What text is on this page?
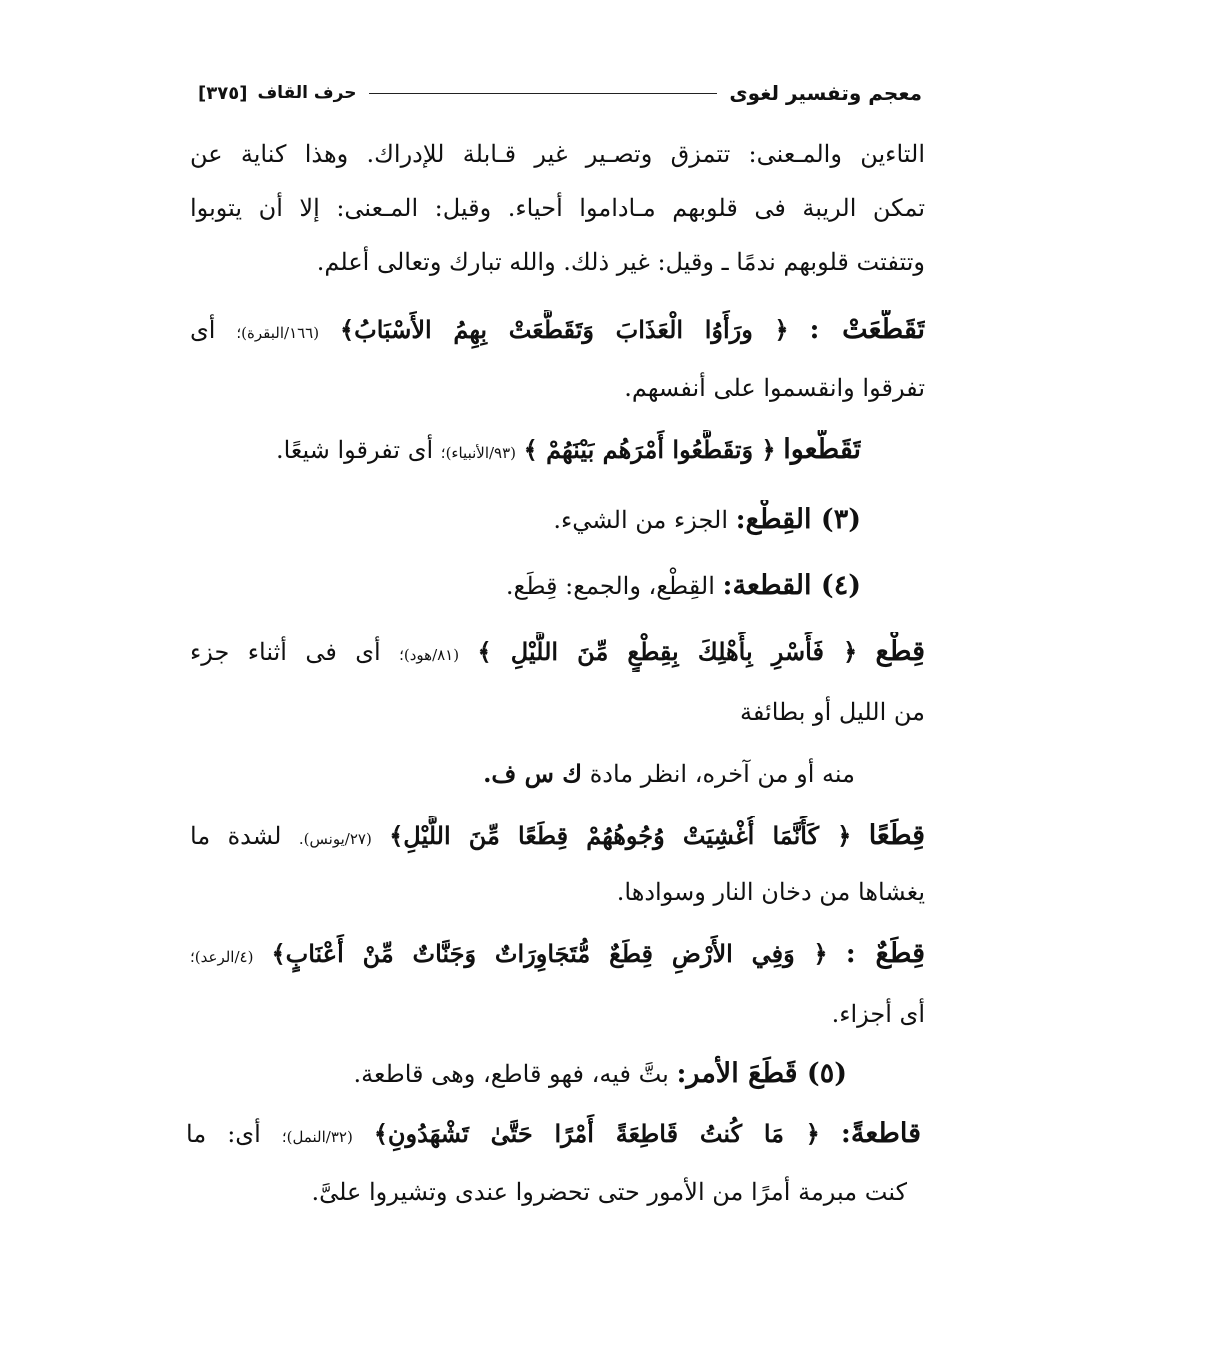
معجم وتفسير لغوى
حرف القاف
[٣٧٥]
التاءين والمـعنى: تتمزق وتصـير غير قـابلة للإدراك. وهذا كناية عن
تمكن الريبة فى قلوبهم مـاداموا أحياء. وقيل: المـعنى: إلا أن يتوبوا
وتتفتت قلوبهم ندمًا ـ وقيل: غير ذلك. والله تبارك وتعالى أعلم.
تَقَطَّعَتْ : ﴿ ورَأَوُا الْعَذَابَ وَتَقَطَّعَتْ بِهِمُ الأَسْبَابُ﴾ (١٦٦/البقرة)؛ أى
تفرقوا وانقسموا على أنفسهم.
تَقَطَّعوا ﴿ وَتقَطَّعُوا أَمْرَهُم بَيْنَهُمْ ﴾ (٩٣/الأنبياء)؛ أى تفرقوا شيعًا.
(٣) القِطْع: الجزء من الشيء.
(٤) القطعة: القِطْع، والجمع: قِطَع.
قِطْع ﴿ فَأَسْرِ بِأَهْلِكَ بِقِطْعٍ مِّنَ اللَّيْلِ ﴾ (٨١/هود)؛ أى فى أثناء جزء
من الليل أو بطائفة
منه أو من آخره، انظر مادة ك س ف.
قِطَعًا ﴿ كَأَنَّمَا أُغْشِيَتْ وُجُوهُهُمْ قِطَعًا مِّنَ اللَّيْلِ﴾ (٢٧/يونس). لشدة ما
يغشاها من دخان النار وسوادها.
قِطَعٌ : ﴿ وَفِي الأَرْضِ قِطَعٌ مُّتَجَاوِرَاتٌ وَجَنَّاتٌ مِّنْ أَعْنَابٍ﴾ (٤/الرعد)؛
أى أجزاء.
(٥) قَطَعَ الأمر: بتَّ فيه، فهو قاطع، وهى قاطعة.
قاطعةً: ﴿ مَا كُنتُ قَاطِعَةً أَمْرًا حَتَّىٰ تَشْهَدُونِ﴾ (٣٢/النمل)؛ أى: ما
كنت مبرمة أمرًا من الأمور حتى تحضروا عندى وتشيروا علىَّ.
